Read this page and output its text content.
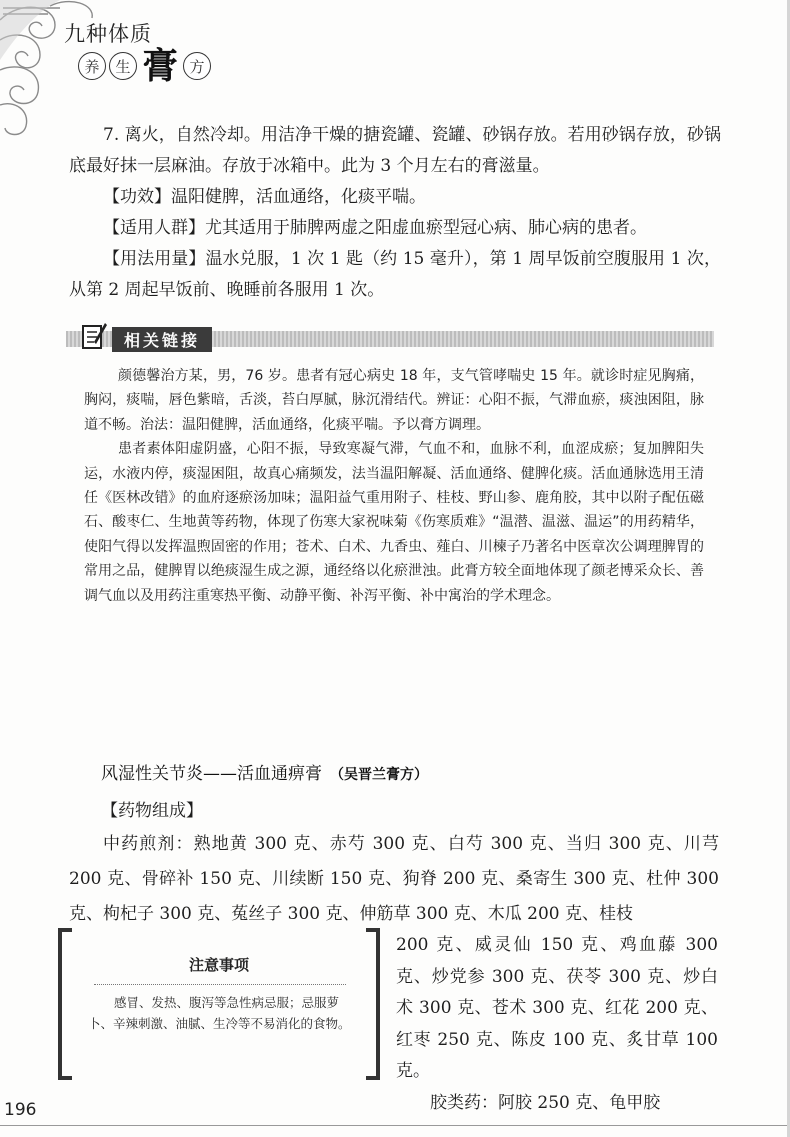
九种体质
养	生 膏 方

7. 离火，自然冷却。用洁净干燥的搪瓷罐、瓷罐、砂锅存放。若用砂锅存放，砂锅底最好抹一层麻油。存放于冰箱中。此为 3 个月左右的膏滋量。

【功效】温阳健脾，活血通络，化痰平喘。

【适用人群】尤其适用于肺脾两虚之阳虚血瘀型冠心病、肺心病的患者。

【用法用量】温水兑服，1 次 1 匙（约 15 毫升），第 1 周早饭前空腹服用 1 次，从第 2 周起早饭前、晚睡前各服用 1 次。

相关链接

颜德馨治方某，男，76 岁。患者有冠心病史 18 年，支气管哮喘史 15 年。就诊时症见胸痛，胸闷，痰喘，唇色紫暗，舌淡，苔白厚腻，脉沉滑结代。辨证：心阳不振，气滞血瘀，痰浊困阻，脉道不畅。治法：温阳健脾，活血通络，化痰平喘。予以膏方调理。

患者素体阳虚阴盛，心阳不振，导致寒凝气滞，气血不和，血脉不利，血涩成瘀；复加脾阳失运，水液内停，痰湿困阻，故真心痛频发，法当温阳解凝、活血通络、健脾化痰。活血通脉选用王清任《医林改错》的血府逐瘀汤加味；温阳益气重用附子、桂枝、野山参、鹿角胶，其中以附子配伍磁石、酸枣仁、生地黄等药物，体现了伤寒大家祝味菊《伤寒质难》“温潜、温滋、温运”的用药精华，使阳气得以发挥温煦固密的作用；苍术、白术、九香虫、薤白、川楝子乃著名中医章次公调理脾胃的常用之品，健脾胃以绝痰湿生成之源，通经络以化瘀泄浊。此膏方较全面地体现了颜老博采众长、善调气血以及用药注重寒热平衡、动静平衡、补泻平衡、补中寓治的学术理念。

风湿性关节炎——活血通痹膏 （吴晋兰膏方）
【药物组成】

中药煎剂：熟地黄 300 克、赤芍 300 克、白芍 300 克、当归 300 克、川芎 200 克、骨碎补 150 克、川续断 150 克、狗脊 200 克、桑寄生 300 克、杜仲 300 克、枸杞子 300 克、菟丝子 300 克、伸筋草 300 克、木瓜 200 克、桂枝

200 克、威灵仙 150 克、鸡血藤 300 克、炒党参 300 克、茯苓 300 克、炒白术 300 克、苍术 300 克、红花 200 克、红枣 250 克、陈皮 100 克、炙甘草 100 克。

胶类药：阿胶 250 克、龟甲胶

注意事项
感冒、发热、腹泻等急性病忌服；忌服萝卜、辛辣刺激、油腻、生冷等不易消化的食物。
196
